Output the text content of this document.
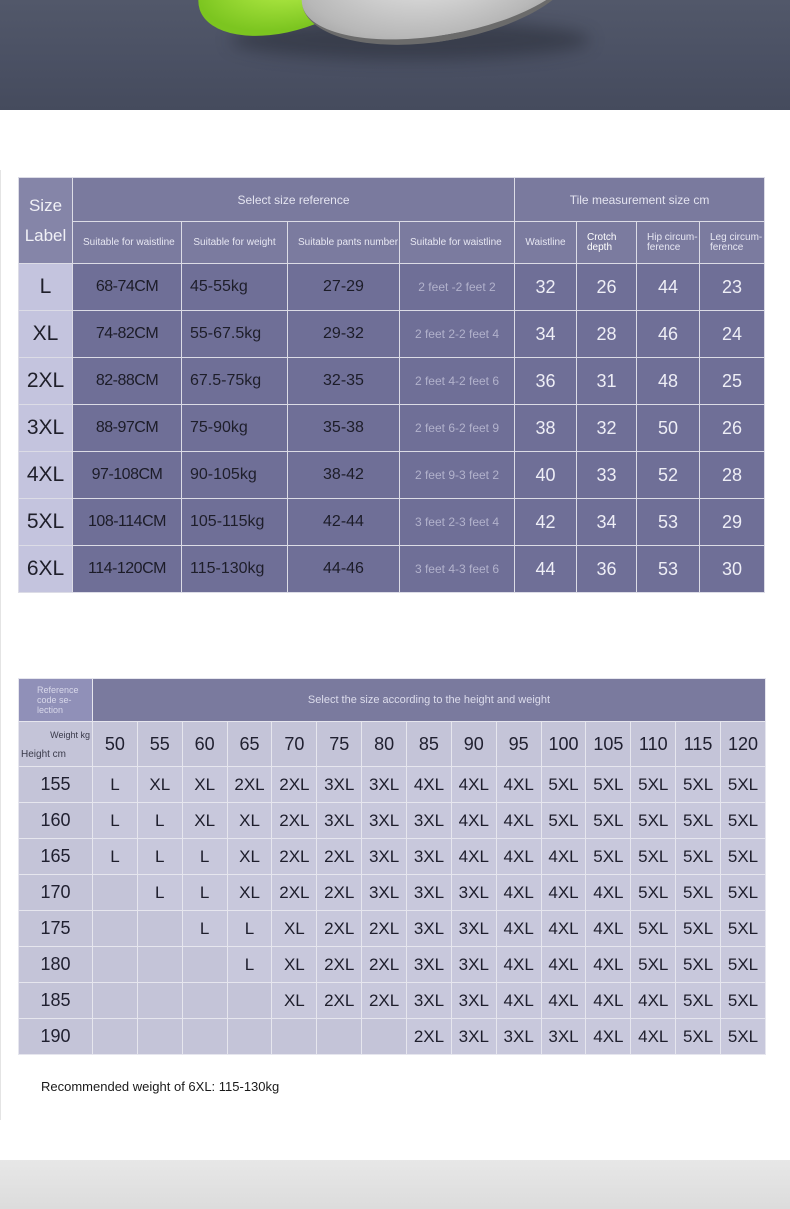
Size
Label	Select size reference				Tile measurement size cm			
	Suitable for waistline	Suitable for weight	Suitable pants number	Suitable for waistline	Waistline	Crotch depth	Hip circum-ference	Leg circum-ference
L	68-74CM	45-55kg	27-29	2 feet -2 feet 2	32	26	44	23
XL	74-82CM	55-67.5kg	29-32	2 feet 2-2 feet 4	34	28	46	24
2XL	82-88CM	67.5-75kg	32-35	2 feet 4-2 feet 6	36	31	48	25
3XL	88-97CM	75-90kg	35-38	2 feet 6-2 feet 9	38	32	50	26
4XL	97-108CM	90-105kg	38-42	2 feet 9-3 feet 2	40	33	52	28
5XL	108-114CM	105-115kg	42-44	3 feet 2-3 feet 4	42	34	53	29
6XL	114-120CM	115-130kg	44-46	3 feet 4-3 feet 6	44	36	53	30
Reference code se-lection	Select the size according to the height and weight														

Weight kg
Height cm	50	55	60	65	70	75	80	85	90	95	100	105	110	115	120
155	L	XL	XL	2XL	2XL	3XL	3XL	4XL	4XL	4XL	5XL	5XL	5XL	5XL	5XL
160	L	L	XL	XL	2XL	3XL	3XL	3XL	4XL	4XL	5XL	5XL	5XL	5XL	5XL
165	L	L	L	XL	2XL	2XL	3XL	3XL	4XL	4XL	4XL	5XL	5XL	5XL	5XL
170		L	L	XL	2XL	2XL	3XL	3XL	3XL	4XL	4XL	4XL	5XL	5XL	5XL
175			L	L	XL	2XL	2XL	3XL	3XL	4XL	4XL	4XL	5XL	5XL	5XL
180				L	XL	2XL	2XL	3XL	3XL	4XL	4XL	4XL	5XL	5XL	5XL
185					XL	2XL	2XL	3XL	3XL	4XL	4XL	4XL	4XL	5XL	5XL
190								2XL	3XL	3XL	3XL	4XL	4XL	5XL	5XL
Recommended weight of 6XL: 115-130kg
